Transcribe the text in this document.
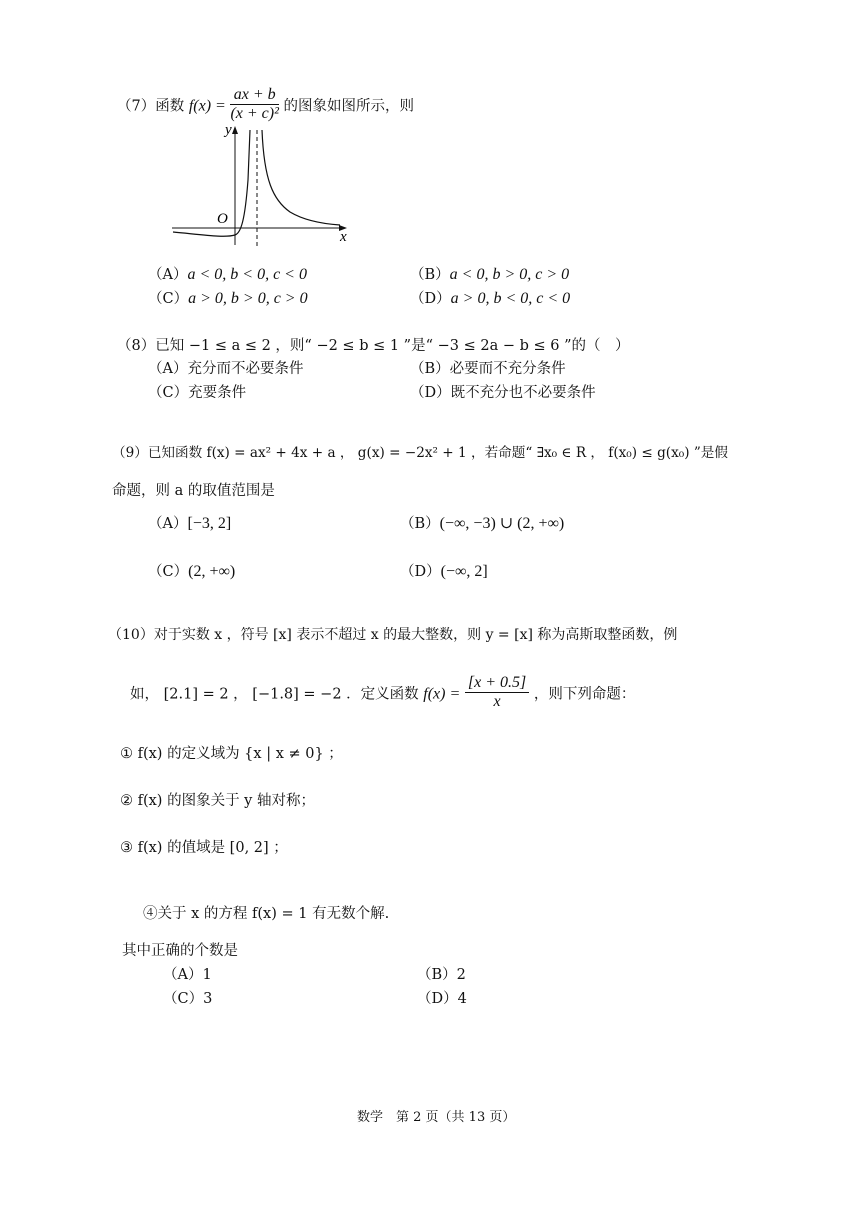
（7）函数 $f(x) = \frac{ax + b}{\text{(x + c)²}}$ 的图象如图所示，则
y
x
O
（A）a < 0, b < 0, c < 0	（B）a < 0, b > 0, c > 0
（C）a > 0, b > 0, c > 0	（D）a > 0, b < 0, c < 0
（8）已知 −1 ≤ a ≤ 2 ，则“ −2 ≤ b ≤ 1 ”是“ −3 ≤ 2a − b ≤ 6 ”的（　）
（A）充分而不必要条件	（B）必要而不充分条件
（C）充要条件	（D）既不充分也不必要条件
（9）已知函数 f(x) = ax² + 4x + a ， g(x) = −2x² + 1 ，若命题“ ∃x₀ ∈ R ， f(x₀) ≤ g(x₀) ”是假
命题，则 a 的取值范围是
（A）[−3, 2]	（B）(−∞, −3) ∪ (2, +∞)
（C）(2, +∞)	（D）(−∞, 2]
（10）对于实数 x ，符号 [x] 表示不超过 x 的最大整数，则 y = [x] 称为高斯取整函数，例
如， [2.1] = 2 ， [−1.8] = −2 ．定义函数 $f(x) = \frac{[x + 0.5]}{x}$ ，则下列命题：
① f(x) 的定义域为 {x | x ≠ 0} ；
② f(x) 的图象关于 y 轴对称；
③ f(x) 的值域是 [0, 2] ；
④关于 x 的方程 f(x) = 1 有无数个解.
其中正确的个数是
（A）1	（B）2
（C）3	（D）4
数学　第 2 页（共 13 页）
